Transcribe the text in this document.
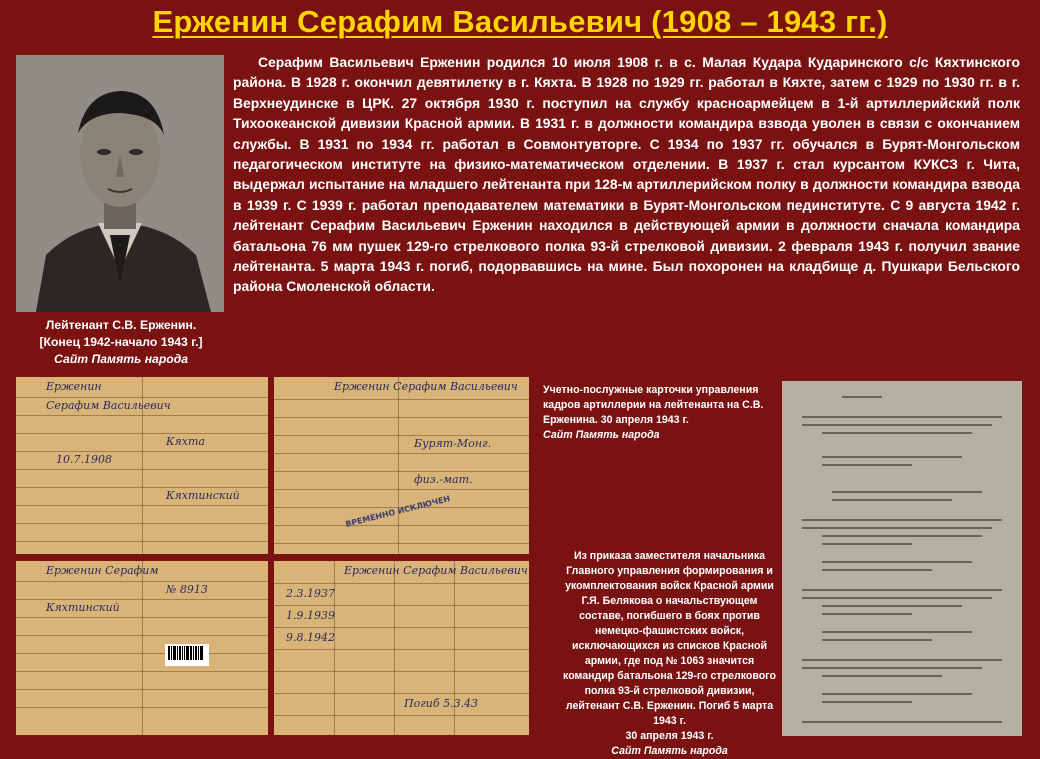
Ерженин Серафим Васильевич (1908 – 1943 гг.)
Лейтенант С.В. Ерженин.
[Конец 1942-начало 1943 г.]
Сайт Память народа
Серафим Васильевич Ерженин родился 10 июля 1908 г. в с. Малая Кудара Кударинского с/с Кяхтинского района. В 1928 г. окончил девятилетку в г. Кяхта. В 1928 по 1929 гг. работал в Кяхте, затем с 1929 по 1930 гг. в г. Верхнеудинске в ЦРК. 27 октября 1930 г. поступил на службу красноармейцем в 1-й артиллерийский полк Тихоокеанской дивизии Красной армии. В 1931 г. в должности командира взвода уволен в связи с окончанием службы. В 1931 по 1934 гг. работал в Совмонтувторге. С 1934 по 1937 гг. обучался в Бурят-Монгольском педагогическом институте на физико-математическом отделении. В 1937 г. стал курсантом КУКСЗ г. Чита, выдержал испытание на младшего лейтенанта при 128-м артиллерийском полку в должности командира взвода в 1939 г. С 1939 г. работал преподавателем математики в Бурят-Монгольском пединституте. С 9 августа 1942 г. лейтенант Серафим Васильевич Ерженин находился в действующей армии в должности сначала командира батальона 76 мм пушек 129-го стрелкового полка 93-й стрелковой дивизии. 2 февраля 1943 г. получил звание лейтенанта. 5 марта 1943 г. погиб, подорвавшись на мине. Был похоронен на кладбище д. Пушкари Бельского района Смоленской области.
Ерженин
Серафим Васильевич
10.7.1908
Кяхта
Кяхтинский
Ерженин Серафим Васильевич
Бурят-Монг.
физ.-мат.
ВРЕМЕННО ИСКЛЮЧЕН
Ерженин Серафим
Кяхтинский
№ 8913
Ерженин Серафим Васильевич
2.3.1937
1.9.1939
9.8.1942
Погиб 5.3.43
Учетно-послужные карточки управления кадров артиллерии на лейтенанта на С.В. Ерженина. 30 апреля 1943 г.
Сайт Память народа
Из приказа заместителя начальника Главного управления формирования и укомплектования войск Красной армии Г.Я. Белякова о начальствующем составе, погибшего в боях против немецко-фашистских войск, исключающихся из списков Красной армии, где под № 1063 значится командир батальона 129-го стрелкового полка 93-й стрелковой дивизии, лейтенант С.В. Ерженин. Погиб 5 марта 1943 г.
30 апреля 1943 г.
Сайт Память народа
